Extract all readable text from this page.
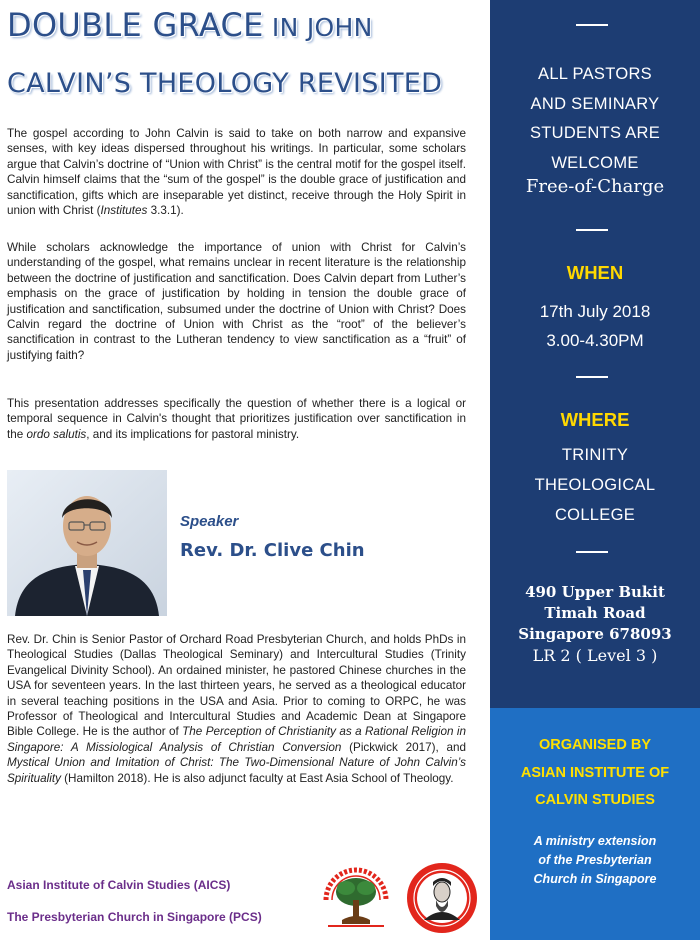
DOUBLE GRACE IN JOHN
CALVIN’S THEOLOGY REVISITED

The gospel according to John Calvin is said to take on both narrow and expansive senses, with key ideas dispersed throughout his writings. In particular, some scholars argue that Calvin’s doctrine of “Union with Christ” is the central motif for the gospel itself. Calvin himself claims that the “sum of the gospel” is the double grace of justification and sanctification, gifts which are inseparable yet distinct, receive through the Holy Spirit in union with Christ (Institutes 3.3.1).

While scholars acknowledge the importance of union with Christ for Calvin’s understanding of the gospel, what remains unclear in recent literature is the relationship between the doctrine of justification and sanctification. Does Calvin depart from Luther’s emphasis on the grace of justification by holding in tension the double grace of justification and sanctification, subsumed under the doctrine of Union with Christ? Does Calvin regard the doctrine of Union with Christ as the “root” of the believer’s sanctification in contrast to the Lutheran tendency to view sanctification as a “fruit” of justifying faith?

This presentation addresses specifically the question of whether there is a logical or temporal sequence in Calvin's thought that prioritizes justification over sanctification in the ordo salutis, and its implications for pastoral ministry.

Speaker
Rev. Dr. Clive Chin

Rev. Dr. Chin is Senior Pastor of Orchard Road Presbyterian Church, and holds PhDs in Theological Studies (Dallas Theological Seminary) and Intercultural Studies (Trinity Evangelical Divinity School). An ordained minister, he pastored Chinese churches in the USA for seventeen years. In the last thirteen years, he served as a theological educator in several teaching positions in the USA and Asia. Prior to coming to ORPC, he was Professor of Theological and Intercultural Studies and Academic Dean at Singapore Bible College. He is the author of The Perception of Christianity as a Rational Religion in Singapore: A Missiological Analysis of Christian Conversion (Pickwick 2017), and Mystical Union and Imitation of Christ: The Two-Dimensional Nature of John Calvin’s Spirituality (Hamilton 2018). He is also adjunct faculty at East Asia School of Theology.

Asian Institute of Calvin Studies (AICS)
The Presbyterian Church in Singapore (PCS)
ALL PASTORS
AND SEMINARY
STUDENTS ARE
WELCOME
Free-of-Charge
WHEN
17th July 2018
3.00-4.30PM
WHERE
TRINITY
THEOLOGICAL
COLLEGE
490 Upper Bukit
Timah Road
Singapore 678093
LR 2 ( Level 3 )
ORGANISED BY
ASIAN INSTITUTE OF
CALVIN STUDIES
A ministry extension
of the Presbyterian
Church in Singapore
